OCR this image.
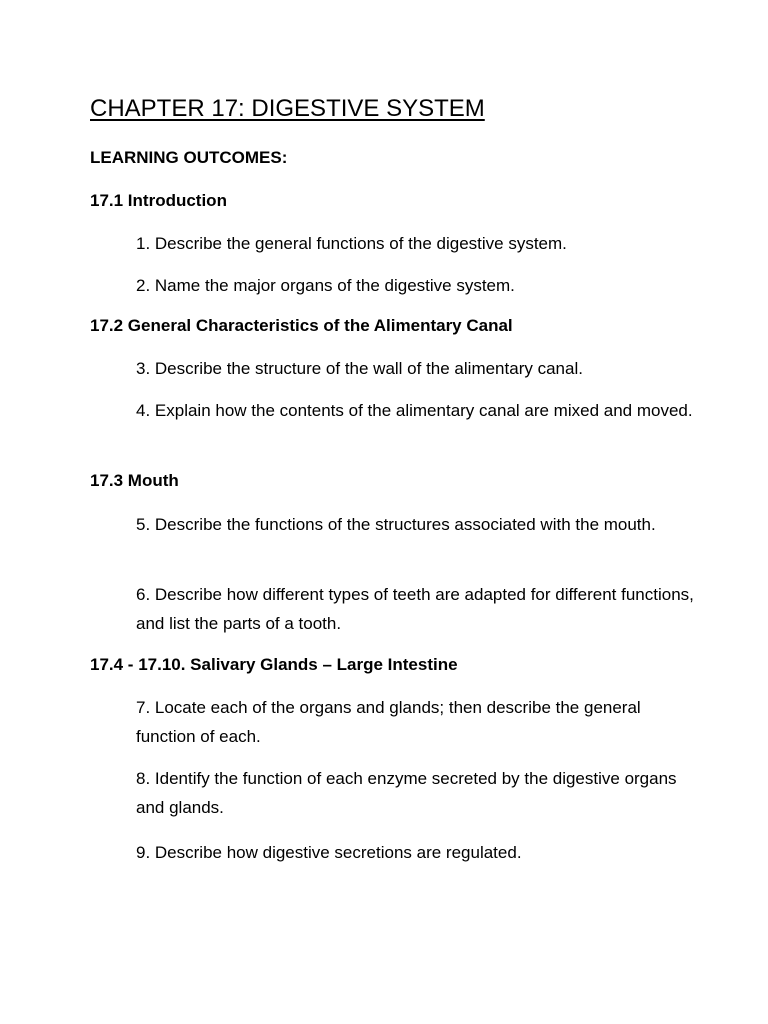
CHAPTER 17: DIGESTIVE SYSTEM

LEARNING OUTCOMES:

17.1 Introduction

1. Describe the general functions of the digestive system.

2. Name the major organs of the digestive system.

17.2 General Characteristics of the Alimentary Canal

3. Describe the structure of the wall of the alimentary canal.

4. Explain how the contents of the alimentary canal are mixed and moved.

17.3 Mouth

5. Describe the functions of the structures associated with the mouth.

6. Describe how different types of teeth are adapted for different functions, and list the parts of a tooth.

17.4 - 17.10. Salivary Glands – Large Intestine

7. Locate each of the organs and glands; then describe the general function of each.

8. Identify the function of each enzyme secreted by the digestive organs and glands.

9. Describe how digestive secretions are regulated.
